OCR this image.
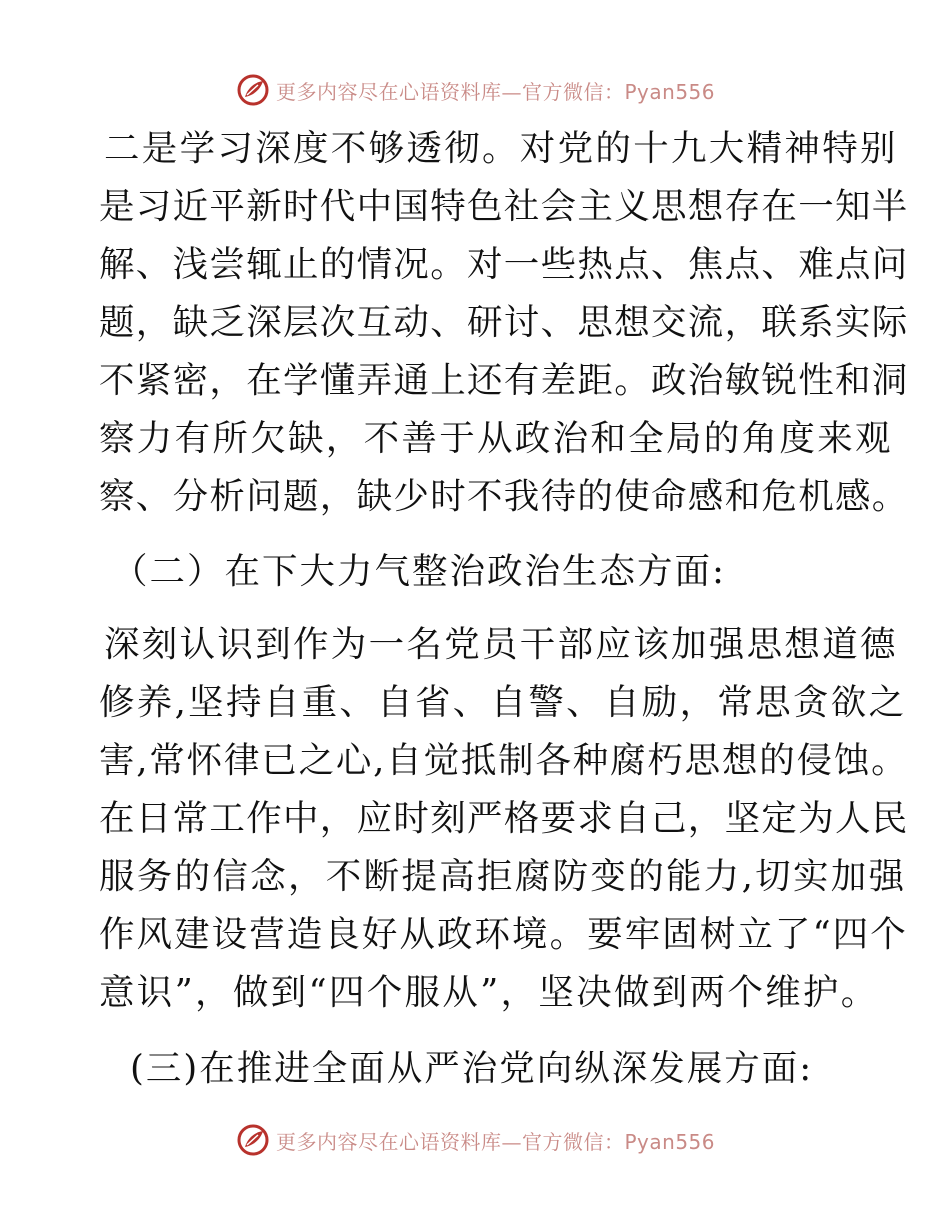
更多内容尽在心语资料库—官方微信：Pyan556
二是学习深度不够透彻。对党的十九大精神特别
是习近平新时代中国特色社会主义思想存在一知半
解、浅尝辄止的情况。对一些热点、焦点、难点问
题，缺乏深层次互动、研讨、思想交流，联系实际
不紧密，在学懂弄通上还有差距。政治敏锐性和洞
察力有所欠缺，不善于从政治和全局的角度来观
察、分析问题，缺少时不我待的使命感和危机感。
（二）在下大力气整治政治生态方面:
深刻认识到作为一名党员干部应该加强思想道德
修养,坚持自重、自省、自警、自励，常思贪欲之
害,常怀律已之心,自觉抵制各种腐朽思想的侵蚀。
在日常工作中，应时刻严格要求自己，坚定为人民
服务的信念，不断提高拒腐防变的能力,切实加强
作风建设营造良好从政环境。要牢固树立了“四个
意识”，做到“四个服从”，坚决做到两个维护。
(三)在推进全面从严治党向纵深发展方面:
更多内容尽在心语资料库—官方微信：Pyan556
